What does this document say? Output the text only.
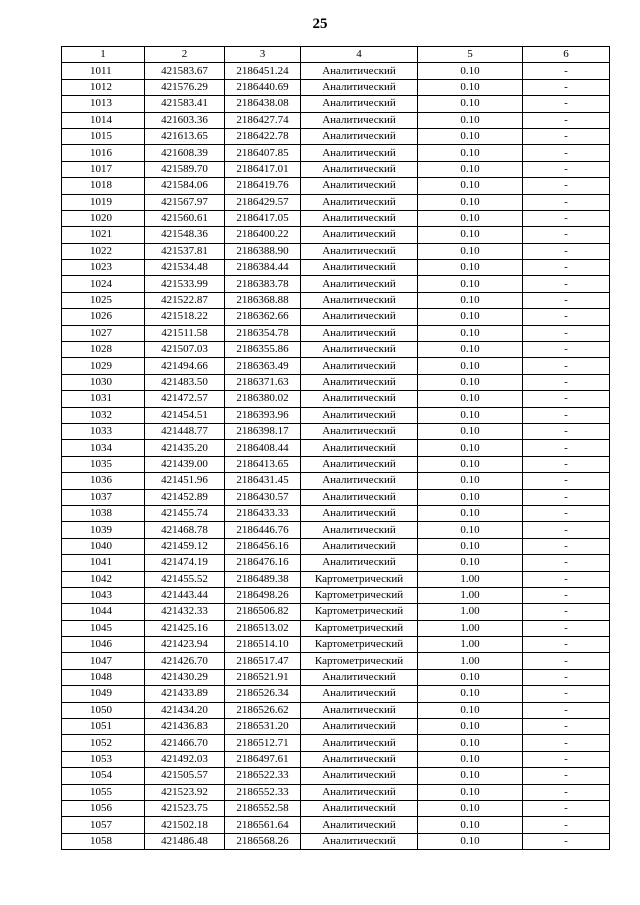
25
1	2	3	4	5	6
1011	421583.67	2186451.24	Аналитический	0.10	-
1012	421576.29	2186440.69	Аналитический	0.10	-
1013	421583.41	2186438.08	Аналитический	0.10	-
1014	421603.36	2186427.74	Аналитический	0.10	-
1015	421613.65	2186422.78	Аналитический	0.10	-
1016	421608.39	2186407.85	Аналитический	0.10	-
1017	421589.70	2186417.01	Аналитический	0.10	-
1018	421584.06	2186419.76	Аналитический	0.10	-
1019	421567.97	2186429.57	Аналитический	0.10	-
1020	421560.61	2186417.05	Аналитический	0.10	-
1021	421548.36	2186400.22	Аналитический	0.10	-
1022	421537.81	2186388.90	Аналитический	0.10	-
1023	421534.48	2186384.44	Аналитический	0.10	-
1024	421533.99	2186383.78	Аналитический	0.10	-
1025	421522.87	2186368.88	Аналитический	0.10	-
1026	421518.22	2186362.66	Аналитический	0.10	-
1027	421511.58	2186354.78	Аналитический	0.10	-
1028	421507.03	2186355.86	Аналитический	0.10	-
1029	421494.66	2186363.49	Аналитический	0.10	-
1030	421483.50	2186371.63	Аналитический	0.10	-
1031	421472.57	2186380.02	Аналитический	0.10	-
1032	421454.51	2186393.96	Аналитический	0.10	-
1033	421448.77	2186398.17	Аналитический	0.10	-
1034	421435.20	2186408.44	Аналитический	0.10	-
1035	421439.00	2186413.65	Аналитический	0.10	-
1036	421451.96	2186431.45	Аналитический	0.10	-
1037	421452.89	2186430.57	Аналитический	0.10	-
1038	421455.74	2186433.33	Аналитический	0.10	-
1039	421468.78	2186446.76	Аналитический	0.10	-
1040	421459.12	2186456.16	Аналитический	0.10	-
1041	421474.19	2186476.16	Аналитический	0.10	-
1042	421455.52	2186489.38	Картометрический	1.00	-
1043	421443.44	2186498.26	Картометрический	1.00	-
1044	421432.33	2186506.82	Картометрический	1.00	-
1045	421425.16	2186513.02	Картометрический	1.00	-
1046	421423.94	2186514.10	Картометрический	1.00	-
1047	421426.70	2186517.47	Картометрический	1.00	-
1048	421430.29	2186521.91	Аналитический	0.10	-
1049	421433.89	2186526.34	Аналитический	0.10	-
1050	421434.20	2186526.62	Аналитический	0.10	-
1051	421436.83	2186531.20	Аналитический	0.10	-
1052	421466.70	2186512.71	Аналитический	0.10	-
1053	421492.03	2186497.61	Аналитический	0.10	-
1054	421505.57	2186522.33	Аналитический	0.10	-
1055	421523.92	2186552.33	Аналитический	0.10	-
1056	421523.75	2186552.58	Аналитический	0.10	-
1057	421502.18	2186561.64	Аналитический	0.10	-
1058	421486.48	2186568.26	Аналитический	0.10	-
